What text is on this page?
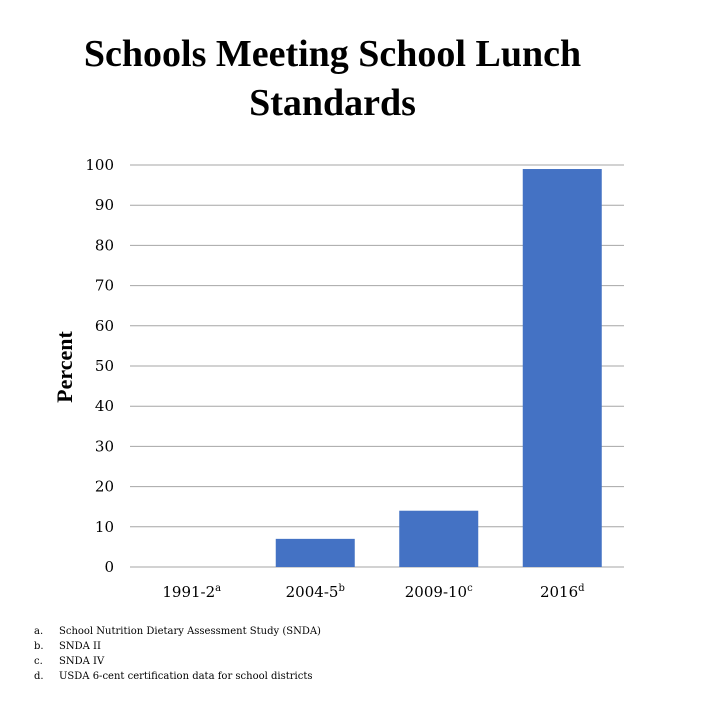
Schools Meeting School Lunch
Standards
0
10
20
30
40
50
60
70
80
90
100
1991-2$^a$	2004-5$^b$	2009-10$^c$	2016$^d$
Percent
a.	School Nutrition Dietary Assessment Study (SNDA)
b.	SNDA II
c.	SNDA IV
d.	USDA 6-cent certification data for school districts
